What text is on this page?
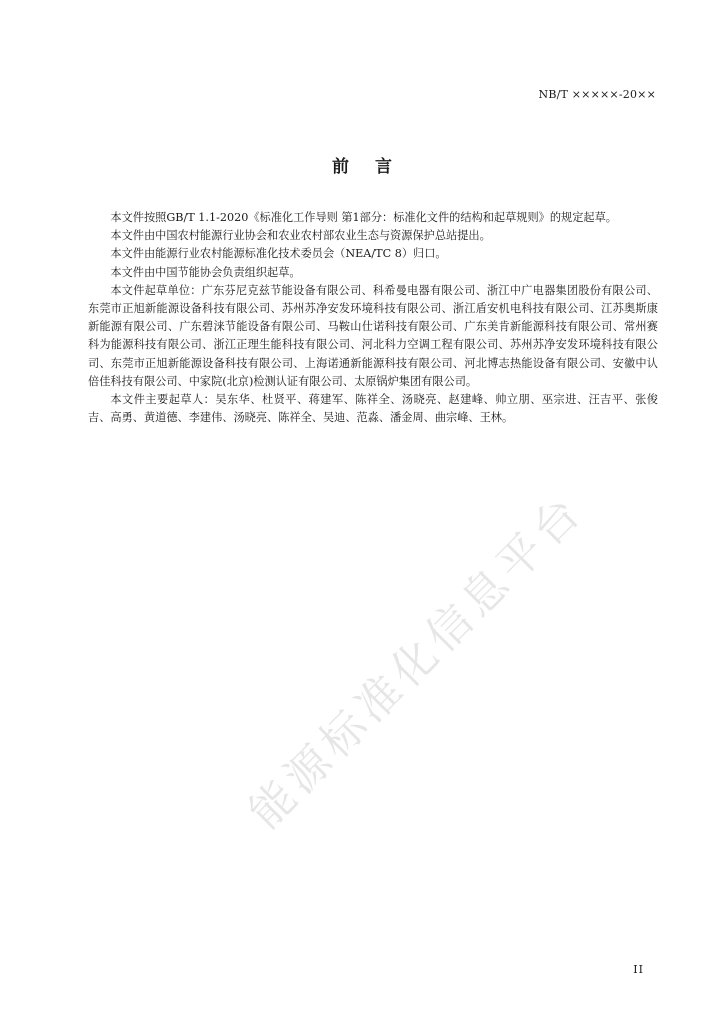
NB/T ×××××-20××
前言

本文件按照GB/T 1.1-2020《标准化工作导则 第1部分：标准化文件的结构和起草规则》的规定起草。

本文件由中国农村能源行业协会和农业农村部农业生态与资源保护总站提出。

本文件由能源行业农村能源标准化技术委员会（NEA/TC 8）归口。

本文件由中国节能协会负责组织起草。

本文件起草单位：广东芬尼克兹节能设备有限公司、科希曼电器有限公司、浙江中广电器集团股份有限公司、东莞市正旭新能源设备科技有限公司、苏州苏净安发环境科技有限公司、浙江盾安机电科技有限公司、江苏奥斯康新能源有限公司、广东碧涞节能设备有限公司、马鞍山仕诺科技有限公司、广东美肯新能源科技有限公司、常州赛科为能源科技有限公司、浙江正理生能科技有限公司、河北科力空调工程有限公司、苏州苏净安发环境科技有限公司、东莞市正旭新能源设备科技有限公司、上海诺通新能源科技有限公司、河北博志热能设备有限公司、安徽中认倍佳科技有限公司、中家院(北京)检测认证有限公司、太原锅炉集团有限公司。

本文件主要起草人：吴东华、杜贤平、蒋建军、陈祥全、汤晓亮、赵建峰、帅立朋、巫宗进、汪吉平、张俊吉、高勇、黄道德、李建伟、汤晓亮、陈祥全、吴迪、范淼、潘金周、曲宗峰、王林。

能源标准化信息平台
II
